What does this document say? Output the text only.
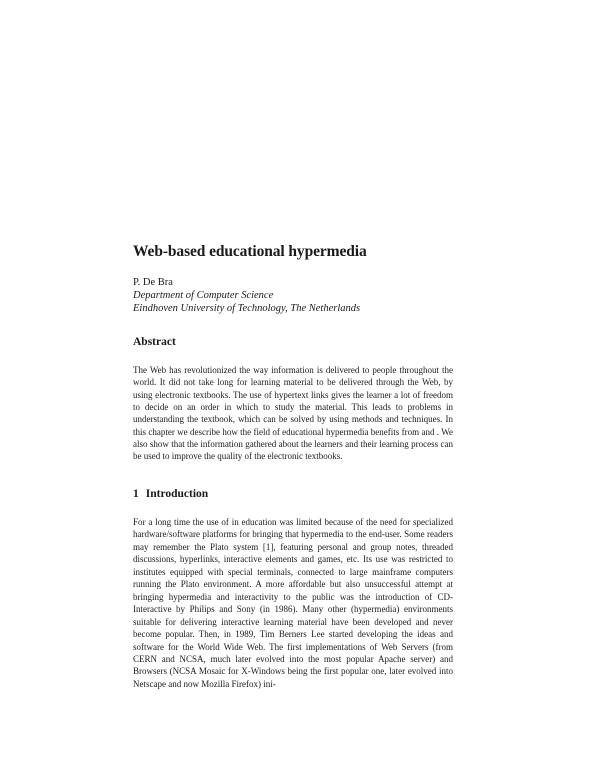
Web-based educational hypermedia
P. De Bra
Department of Computer Science
Eindhoven University of Technology, The Netherlands
Abstract

The Web has revolutionized the way information is delivered to people throughout the world. It did not take long for learning material to be delivered through the Web, by using electronic textbooks. The use of hypertext links gives the learner a lot of freedom to decide on an order in which to study the material. This leads to problems in understanding the textbook, which can be solved by using methods and techniques. In this chapter we describe how the field of educational hypermedia benefits from and . We also show that the information gathered about the learners and their learning process can be used to improve the quality of the electronic textbooks.

1 Introduction

For a long time the use of in education was limited because of the need for specialized hardware/software platforms for bringing that hypermedia to the end-user. Some readers may remember the Plato system [1], featuring personal and group notes, threaded discussions, hyperlinks, interactive elements and games, etc. Its use was restricted to institutes equipped with special terminals, connected to large mainframe computers running the Plato environment. A more affordable but also unsuccessful attempt at bringing hypermedia and interactivity to the public was the introduction of CD-Interactive by Philips and Sony (in 1986). Many other (hypermedia) environments suitable for delivering interactive learning material have been developed and never become popular. Then, in 1989, Tim Berners Lee started developing the ideas and software for the World Wide Web. The first implementations of Web Servers (from CERN and NCSA, much later evolved into the most popular Apache server) and Browsers (NCSA Mosaic for X-Windows being the first popular one, later evolved into Netscape and now Mozilla Firefox) ini-
